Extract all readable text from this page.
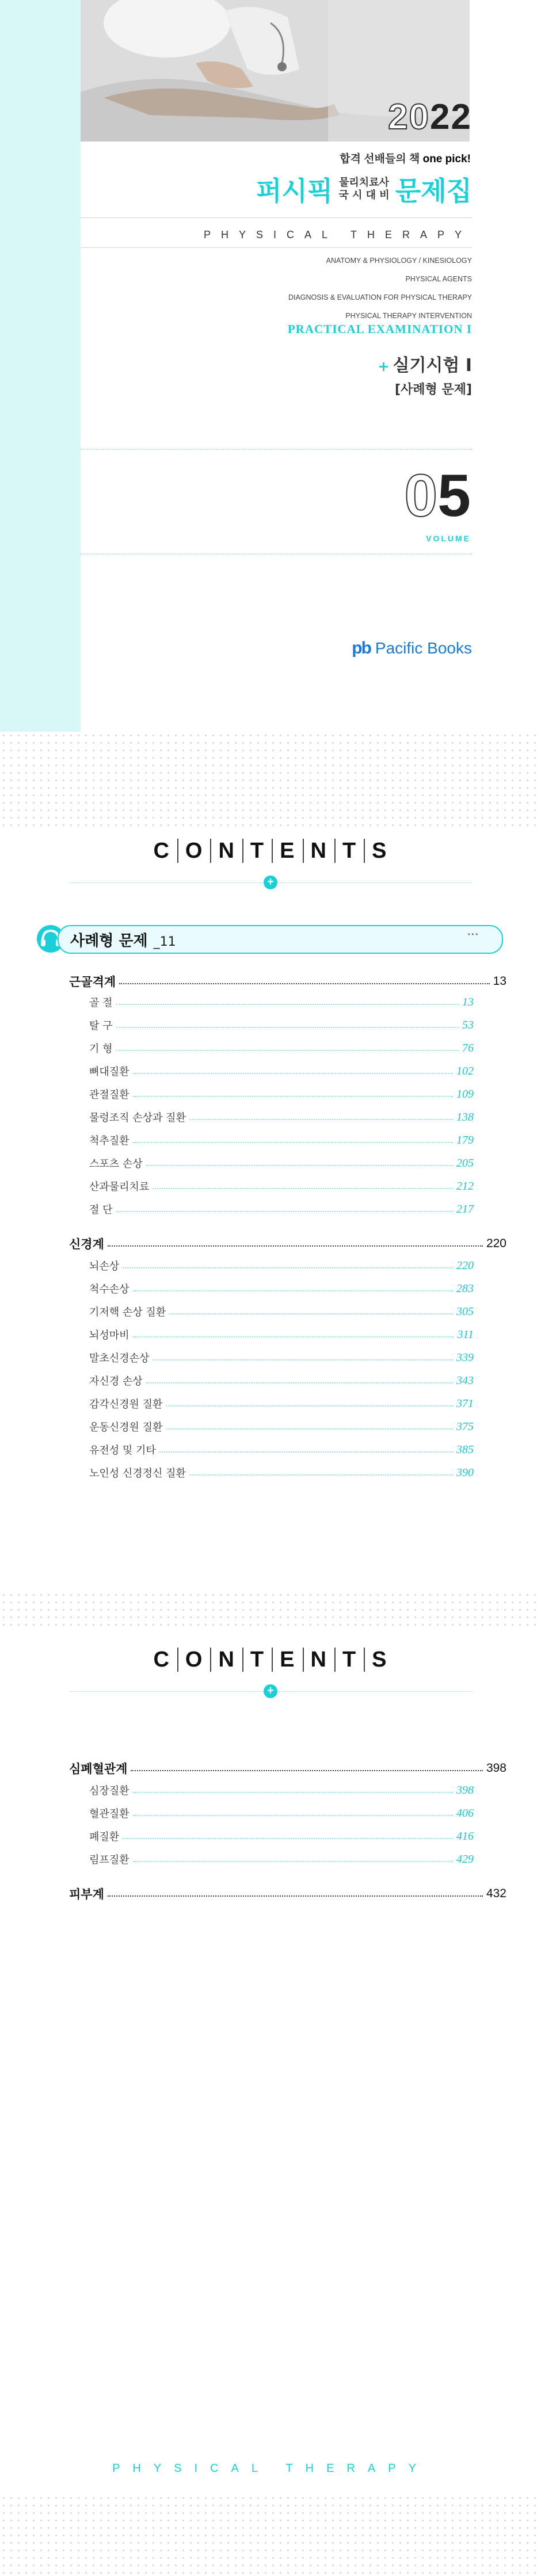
2022
합격 선배들의 책 one pick!
퍼시픽 물리치료사
국 시 대 비 문제집
PHYSICAL THERAPY
ANATOMY & PHYSIOLOGY / KINESIOLOGY
PHYSICAL AGENTS
DIAGNOSIS & EVALUATION FOR PHYSICAL THERAPY
PHYSICAL THERAPY INTERVENTION
PRACTICAL EXAMINATION I
+ 실기시험 Ⅰ
[사례형 문제]
05
VOLUME
pb Pacific Books
C O N T E N T S
+
사례형 문제 _11	···
근골격계	13
골 절	13
탈 구	53
기 형	76
뼈대질환	102
관절질환	109
물렁조직 손상과 질환	138
척추질환	179
스포츠 손상	205
산과물리치료	212
절 단	217
신경계	220
뇌손상	220
척수손상	283
기저핵 손상 질환	305
뇌성마비	311
말초신경손상	339
자신경 손상	343
감각신경원 질환	371
운동신경원 질환	375
유전성 및 기타	385
노인성 신경정신 질환	390
C O N T E N T S
+
심폐혈관계	398
심장질환	398
혈관질환	406
폐질환	416
림프질환	429
피부계	432
PHYSICAL THERAPY
